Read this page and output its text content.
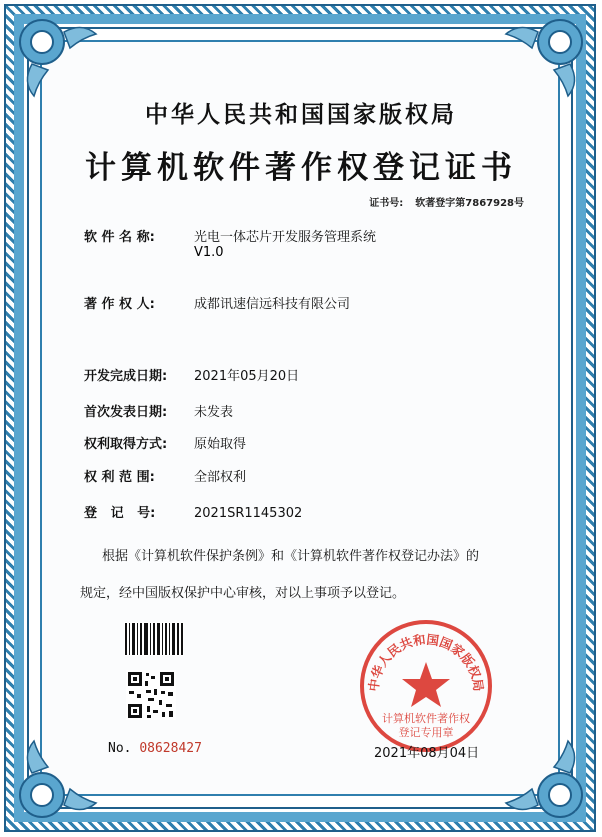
中华人民共和国国家版权局
计算机软件著作权登记证书
证书号: 软著登字第7867928号
软 件 名 称:	光电一体芯片开发服务管理系统
V1.0
著 作 权 人:	成都讯速信远科技有限公司
开发完成日期: 2021年05月20日
首次发表日期: 未发表
权利取得方式: 原始取得
权 利 范 围:	全部权利
登   记   号:	2021SR1145302
根据《计算机软件保护条例》和《计算机软件著作权登记办法》的
规定，经中国版权保护中心审核，对以上事项予以登记。
No. 08628427
中华人民共和国国家版权局
计算机软件著作权
登记专用章
2021年08月04日
